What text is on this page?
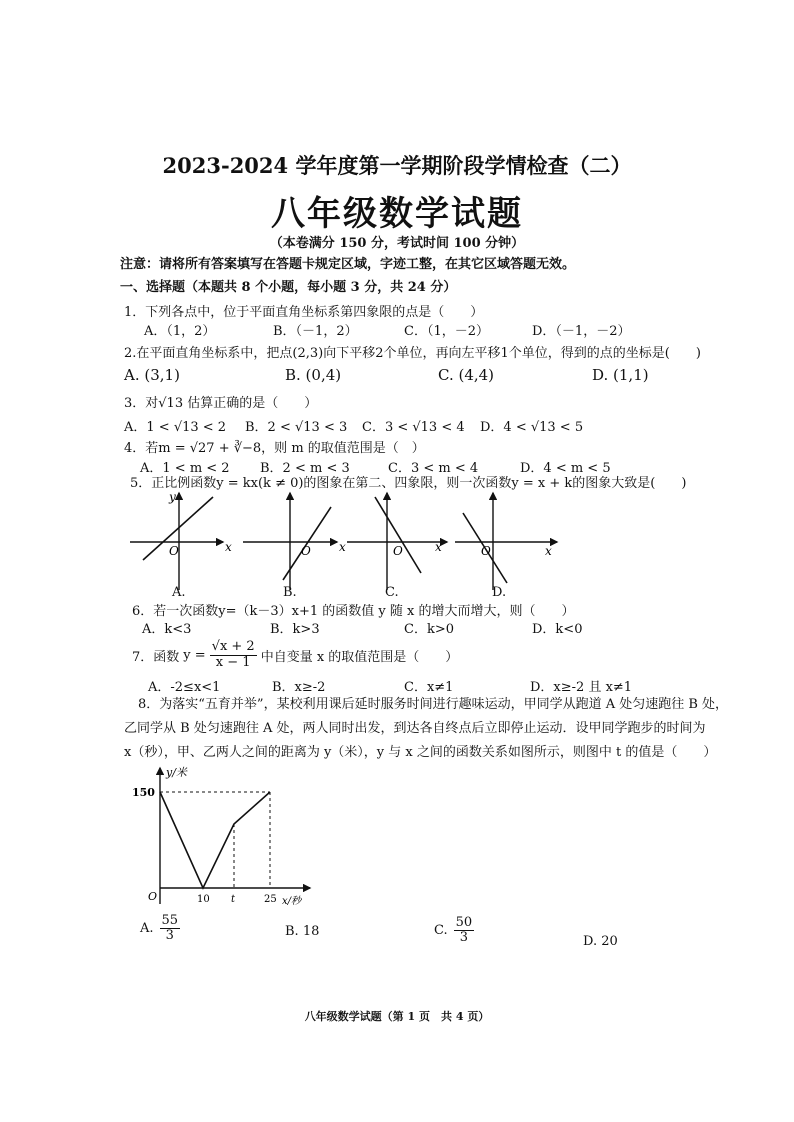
2023-2024 学年度第一学期阶段学情检查（二）
八年级数学试题
（本卷满分 150 分，考试时间 100 分钟）
注意：请将所有答案填写在答题卡规定区域，字迹工整，在其它区域答题无效。
一、选择题（本题共 8 个小题，每小题 3 分，共 24 分）
1．下列各点中，位于平面直角坐标系第四象限的点是（　　）
A．（1，2）	B．（－1，2）	C．（1，－2）	D．（－1，－2）
2.在平面直角坐标系中，把点(2,3)向下平移2个单位，再向左平移1个单位，得到的点的坐标是(　　)
A. (3,1)	B. (0,4)	C. (4,4)	D. (1,1)
3．对√13 估算正确的是（　　）
A．1 < √13 < 2 B．2 < √13 < 3 C．3 < √13 < 4 D．4 < √13 < 5
4．若m = √27 + ∛−8，则 m 的取值范围是（　）
A．1 < m < 2 B．2 < m < 3	C．3 < m < 4	D．4 < m < 5
5．正比例函数y = kx(k ≠ 0)的图象在第二、四象限，则一次函数y = x + k的图象大致是(　　)
y
x
O	O x	O	x	O	x
A.	B.	C.	D.
6．若一次函数y=（k－3）x+1 的函数值 y 随 x 的增大而增大，则（　　）
A．k<3	B．k>3	C．k>0	D．k<0
7．函数 $y = \frac{√x + 2}{x - 1}$ 中自变量 x 的取值范围是（　　）
A．-2≤x<1	B．x≥-2	C．x≠1	D．x≥-2 且 x≠1
8．为落实“五育并举”，某校利用课后延时服务时间进行趣味运动，甲同学从跑道 A 处匀速跑往 B 处，
乙同学从 B 处匀速跑往 A 处，两人同时出发，到达各自终点后立即停止运动．设甲同学跑步的时间为
x（秒），甲、乙两人之间的距离为 y（米），y 与 x 之间的函数关系如图所示，则图中 t 的值是（　　）
y/米
150
O	10 t	25 x/秒
A. $\frac{55}{3}$	B. 18	C. $\frac{50}{3}$	D. 20
八年级数学试题（第 1 页　共 4 页）
